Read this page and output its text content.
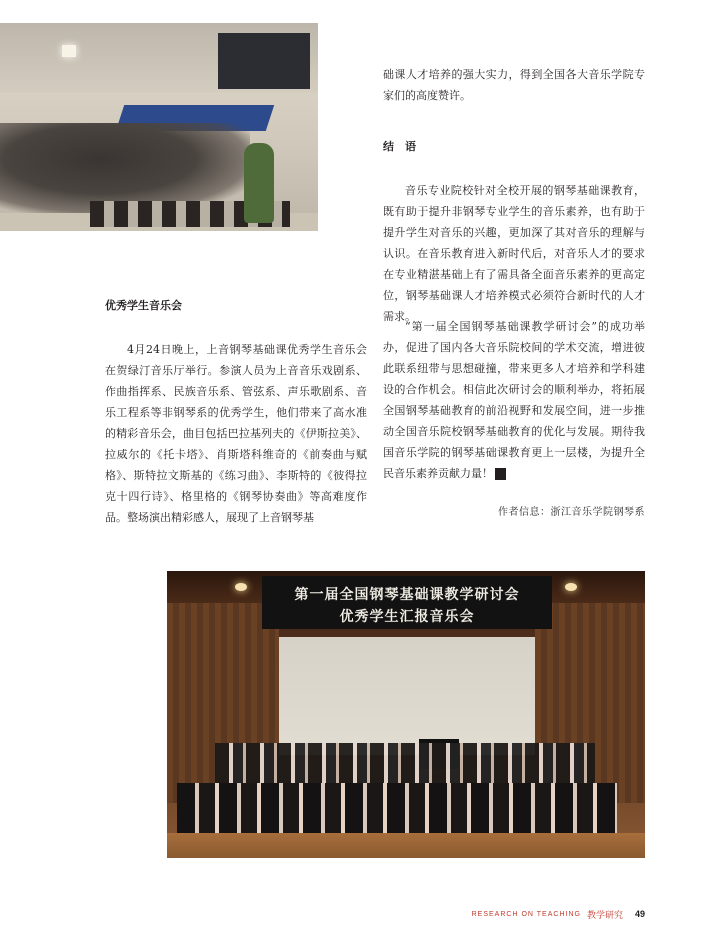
础课人才培养的强大实力，得到全国各大音乐学院专家们的高度赞许。

结　语

音乐专业院校针对全校开展的钢琴基础课教育，既有助于提升非钢琴专业学生的音乐素养，也有助于提升学生对音乐的兴趣，更加深了其对音乐的理解与认识。在音乐教育进入新时代后，对音乐人才的要求在专业精湛基础上有了需具备全面音乐素养的更高定位，钢琴基础课人才培养模式必须符合新时代的人才需求。

“第一届全国钢琴基础课教学研讨会”的成功举办，促进了国内各大音乐院校间的学术交流，增进彼此联系纽带与思想碰撞，带来更多人才培养和学科建设的合作机会。相信此次研讨会的顺利举办，将拓展全国钢琴基础教育的前沿视野和发展空间，进一步推动全国音乐院校钢琴基础教育的优化与发展。期待我国音乐学院的钢琴基础课教育更上一层楼，为提升全民音乐素养贡献力量！	♪

作者信息：浙江音乐学院钢琴系

优秀学生音乐会

4月24日晚上，上音钢琴基础课优秀学生音乐会在贺绿汀音乐厅举行。参演人员为上音音乐戏剧系、作曲指挥系、民族音乐系、管弦系、声乐歌剧系、音乐工程系等非钢琴系的优秀学生，他们带来了高水准的精彩音乐会，曲目包括巴拉基列夫的《伊斯拉美》、拉威尔的《托卡塔》、肖斯塔科维奇的《前奏曲与赋格》、斯特拉文斯基的《练习曲》、李斯特的《彼得拉克十四行诗》、格里格的《钢琴协奏曲》等高难度作品。整场演出精彩感人，展现了上音钢琴基

第一届全国钢琴基础课教学研讨会
优秀学生汇报音乐会
RESEARCH ON TEACHING 教学研究 49
